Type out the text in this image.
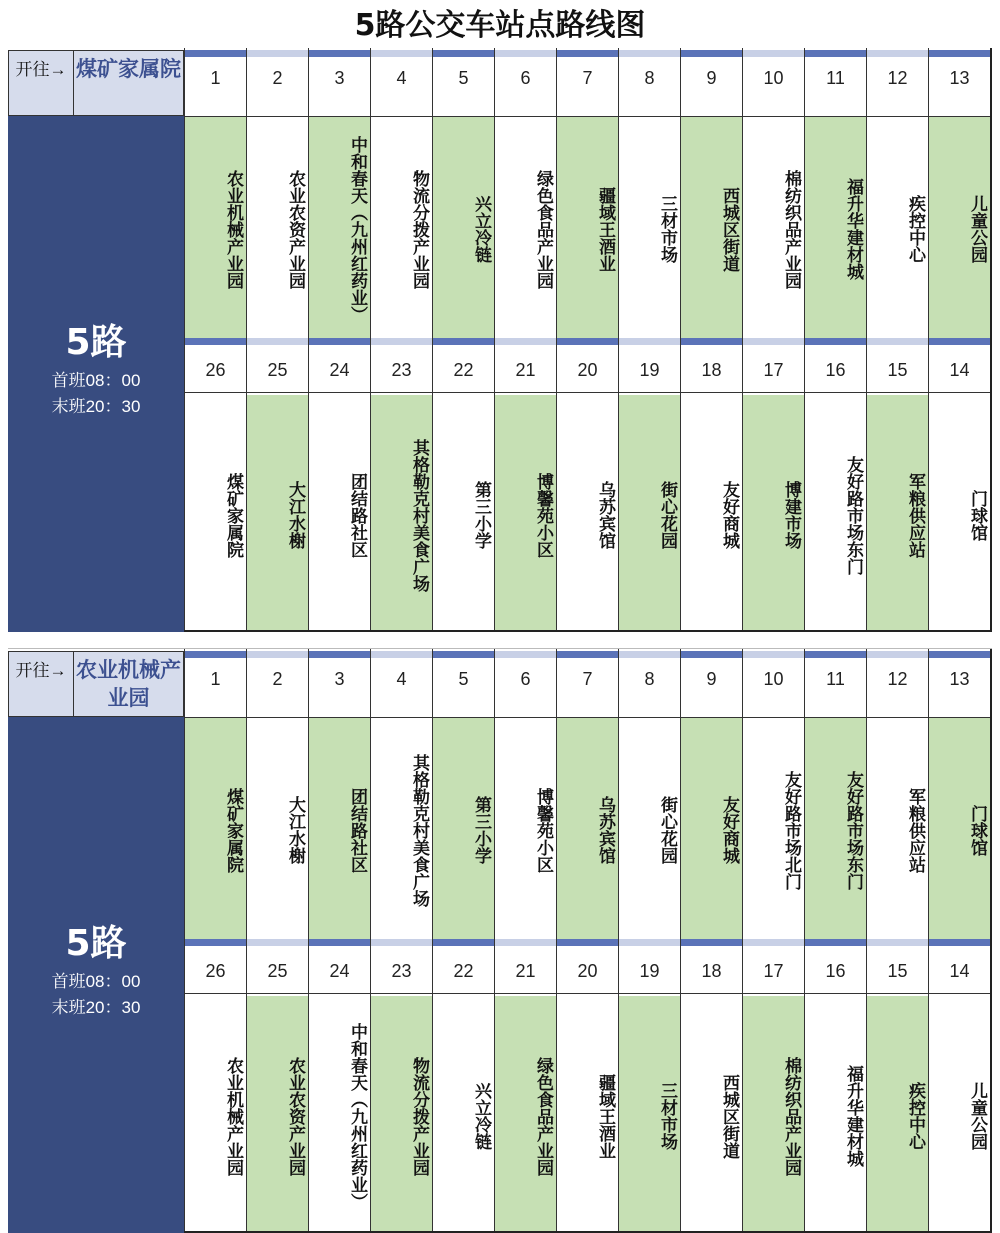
5路公交车站点路线图
开往→ 煤矿家属院
5路
首班08：00
末班20：30
1
农业机械产业园
26
煤矿家属院
2
农业农资产业园
25
大江水榭
3
中和春天（九州红药业）
24
团结路社区
4
物流分拨产业园
23
其格勒克村美食广场
5
兴立冷链
22
第三小学
6
绿色食品产业园
21
博馨苑小区
7
疆域王酒业
20
乌苏宾馆
8
三材市场
19
街心花园
9
西城区街道
18
友好商城
10
棉纺织品产业园
17
博建市场
11
福升华建材城
16
友好路市场东门
12
疾控中心
15
军粮供应站
13
儿童公园
14
门球馆
开往→ 农业机械产业园
5路
首班08：00
末班20：30
1
煤矿家属院
26
农业机械产业园
2
大江水榭
25
农业农资产业园
3
团结路社区
24
中和春天（九州红药业）
4
其格勒克村美食广场
23
物流分拨产业园
5
第三小学
22
兴立冷链
6
博馨苑小区
21
绿色食品产业园
7
乌苏宾馆
20
疆域王酒业
8
街心花园
19
三材市场
9
友好商城
18
西城区街道
10
友好路市场北门
17
棉纺织品产业园
11
友好路市场东门
16
福升华建材城
12
军粮供应站
15
疾控中心
13
门球馆
14
儿童公园
